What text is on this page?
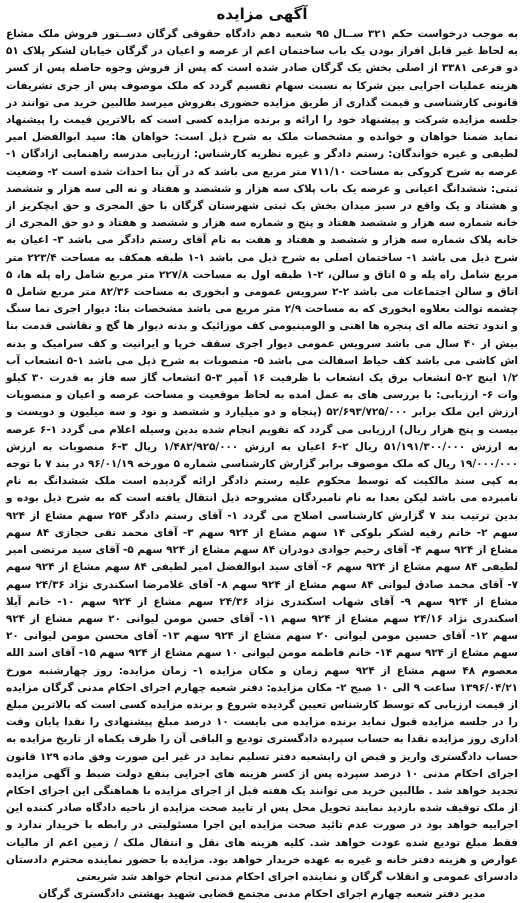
آگهی مزایده

به موجب درخواست حکم ۳۲۱ ســال ۹۵ شعبه دهم دادگاه حقوقی گرگان دســتور فروش ملک مشاع به لحاظ غیر قابل افراز بودن یک باب ساختمان اعم از عرصه و اعیان در گرگان خیابان لشکر پلاک ۵۱ دو فرعی ۳۳۸۱ از اصلی بخش یک گرگان صادر شده است که پس از فروش وجوه حاصله پس از کسر هزینه عملیات اجرایی بین شرکا به نسبت سهام تقسیم گردد که ملک موصوف پس از جری تشریفات قانونی کارشناسی و قیمت گذاری از طریق مزایده حضوری بفروش میرسد طالبین خرید می توانند در جلسه مزایده شرکت و پیشنهاد خود را ارائه و برنده مزایده کسی است که بالاترین قیمت را پیشنهاد نماید ضمنا خواهان و خوانده و مشخصات ملک به شرح ذیل است: خواهان ها: سید ابوالفضل امیر لطیفی و غیره خواندگان: رستم دادگر و غیره نظریه کارشناس: ارزیابی مدرسه راهنمایی ازادگان ۱- عرصه به شرح کروکی به مساحت ۷۱۱/۱۰ متر مربع می باشد که در آن بنا احداث شده است ۲- وضعیت ثبتی: ششدانگ اعیانی و عرصه یک باب پلاک سه هزار و ششصد و هفتاد و نه الی سه هزار و ششصد و هشتاد و یک واقع در سبز میدان بخش یک ثبتی شهرستان گرگان با حق المجری و حق ایچکریز از خانه شماره سه هزار و ششصد هفتاد و پنج و شماره سه هزار و ششصد و هفتاد و دو حق المجری از خانه پلاک شماره سه هزار و ششصد و هفتاد و هفت به نام آقای رستم دادگر می باشد ۳- اعیان به شرح ذیل می باشد ۱- ساختمان اصلی به شرح ذیل می باشد ۱-۱ طبقه همکف به مساحت ۲۲۳/۴ متر مربع شامل راه پله و ۵ اتاق و سالن، ۲-۱ طبقه اول به مساحت ۲۲۷/۸ متر مربع شامل راه پله ها، ۵ اتاق و سالن اجتماعات می باشد ۲-۲ سرویس عمومی و ابخوری به مساحت ۸۲/۳۶ متر مربع شامل ۵ چشمه توالت بعلاوه ابخوری که به مساحت ۲/۹ متر مربع می باشد مشخصات بنا: دیوار اجری نما سنگ و اندود تخته ماله ای پنجره ها اهنی و الومینیومی کف موزائیک و بدنه دیوار ها گچ و نقاشی قدمت بنا بیش از ۴۰ سال می باشد سرویس عمومی دیوار اجری سقف خرپا و ایرانیت و کف سرامیک و بدنه اش کاشی می باشد کف حیاط اسفالت می باشد ۵- منصوبات به شرح ذیل می باشد ۱-۵ انشعاب آب ۱/۲ اینچ ۲-۵ انشعاب برق یک انشعاب با ظرفیت ۱۶ آمپر ۳-۵ انشعاب گاز سه فاز به قدرت ۳۰ کیلو وات ۶- ارزیابی: با بررسی های به عمل امده به لحاظ موقعیت و مساحت عرصه و اعیان و منصوبات ارزش این ملک برابر ۵۲/۶۹۳/۷۲۵/۰۰۰ (پنجاه و دو میلیارد و ششصد و نود و سه میلیون و دویست و بیست و پنج هزار ریال) ارزیابی می گردد که تقویم انجام شده بدین وسیله اعلام می گردد ۱-۶ عرصه به ارزش ۵۱/۱۹۱/۳۰۰/۰۰۰ ریال ۲-۶ اعیان به ارزش ۱/۴۸۲/۹۲۵/۰۰۰ ریال ۳-۶ منصوبات به ارزش ۱۹/۰۰۰/۰۰۰ ریال که ملک موصوف برابر گزارش کارشناسی شماره ۵ مورخه ۹۶/۰۱/۱۹ در بند ۷ با توجه به کپی سند مالکیت که توسط محکوم علیه رستم دادگر ارائه گردیده است ملک ششدانگ به نام نامبرده می باشد لیکن بعدا به نام نامبردگان مشروحه ذیل انتقال یافته است که به شرح ذیل بوده و بدین ترتیب بند ۷ گزارش کارشناسی اصلاح می گردد ۱- آقای رستم دادگر ۲۵۴ سهم مشاع از ۹۲۴ سهم ۲- خانم رقیه لشکر بلوکی ۱۴ سهم مشاع از ۹۲۴ سهم ۳- آقای محمد تقی حجازی ۸۴ سهم مشاع از ۹۲۴ سهم ۴- آقای رحیم جوادی دودران ۸۴ سهم مشاع از ۹۲۴ سهم ۵- آقای سید مرتضی امیر لطیفی ۸۴ سهم مشاع از ۹۲۴ سهم ۶- آقای سید ابوالفضل امیر لطیفی ۸۴ سهم مشاع از ۹۲۴ سهم ۷- آقای محمد صادق لیوانی ۸۴ سهم مشاع از ۹۲۴ سهم ۸- آقای غلامرضا اسکندری نژاد ۲۴/۳۶ سهم مشاع از ۹۲۴ سهم ۹- آقای شهاب اسکندری نژاد ۲۴/۳۶ سهم مشاع از ۹۲۴ سهم ۱۰- خانم آیلا اسکندری نژاد ۲۴/۱۶ سهم مشاع از ۹۲۴ سهم ۱۱- آقای حسن مومن لیوانی ۲۰ سهم مشاع از ۹۲۴ سهم ۱۲- آقای حسین مومن لیوانی ۲۰ سهم مشاع از ۹۲۴ سهم ۱۳- آقای محسن مومن لیوانی ۲۰ سهم مشاع از ۹۲۴ سهم ۱۴- خانم فاطمه مومن لیوانی ۱۰ سهم مشاع از ۹۲۴ سهم ۱۵- آقای اسد الله معصوم ۴۸ سهم مشاع از ۹۲۴ سهم زمان و مکان مزایده ۱- زمان مزایده: روز چهارشنبه مورخ ۱۳۹۶/۰۴/۲۱ ساعت ۹ الی ۱۰ صبح ۲- مکان مزایده: دفتر شعبه چهارم اجرای احکام مدنی گرگان مزایده از قیمت ارزیابی که توسط کارشناس تعیین گردیده شروع و برنده مزایده کسی است که بالاترین مبلغ را در جلسه مزایده قبول نماید برنده مزایده می بایست ۱۰ درصد مبلغ پیشنهادی را نقدا پایان وقت اداری روز مزایده نقدا به حساب سپرده دادگستری تودیع و الباقی آن را ظرف یکماه از تاریخ مزایده به حساب دادگستری واریز و قبض ان رابشعبه دفتر تسلیم نماید در غیر این صورت وفق ماده ۱۲۹ قانون اجرای احکام مدنی ۱۰ درصد سپرده پس از کسر هزینه های اجرایی بنفع دولت ضبط و آگهی مزایده تجدید خواهد شد . طالبین خرید می توانند یک هفته قبل از اجرای مزایده با هماهنگی این اجرای احکام از ملک توقیف شده بازدید نمایند تحویل محل پس از تایید صحت مزایده از ناحیه دادگاه صادر کننده این اجراییه خواهد بود در صورت عدم تائید صحت مزایده این اجرا مسئولیتی در رابطه با خریدار ندارد و فقط مبلغ تودیع شده عودت خواهد شد. کلیه هزینه های نقل و انتقال ملک / زمین اعم از مالیات عوارض و هزینه دفتر خانه و غیره به عهده خریدار خواهد بود. مزایده با حضور نماینده محترم دادستان دادسرای عمومی و انقلاب گرگان و نماینده اجرای احکام مدنی انجام خواهد شد شریعتی

مدیر دفتر شعبه چهارم اجرای احکام مدنی مجتمع قضایی شهید بهشتی دادگستری گرگان
